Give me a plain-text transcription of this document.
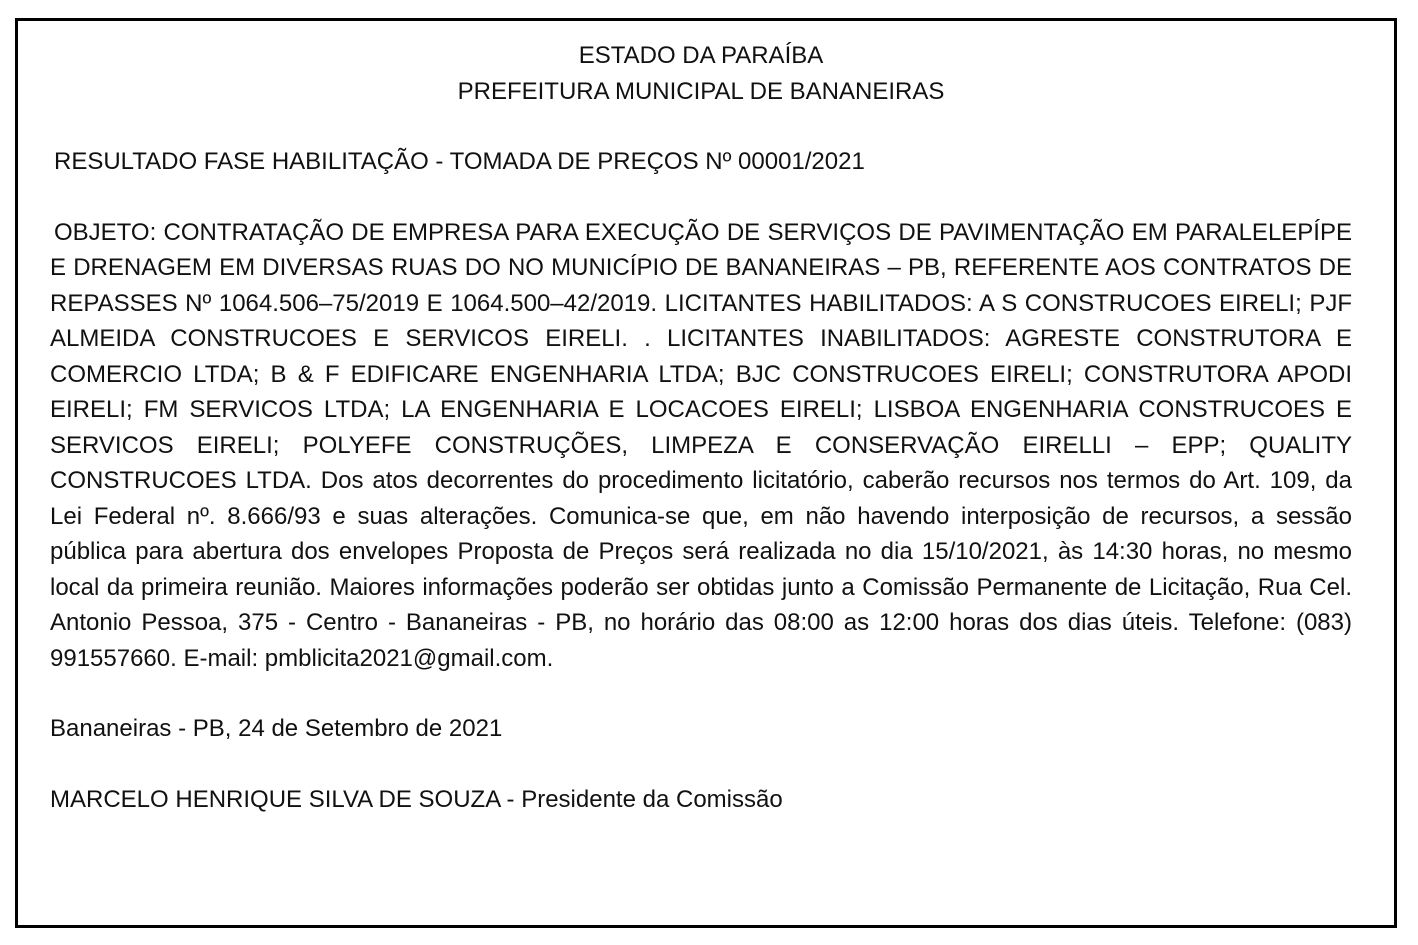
ESTADO DA PARAÍBA

PREFEITURA MUNICIPAL DE BANANEIRAS

RESULTADO FASE HABILITAÇÃO - TOMADA DE PREÇOS Nº 00001/2021

OBJETO: CONTRATAÇÃO DE EMPRESA PARA EXECUÇÃO DE SERVIÇOS DE PAVIMENTAÇÃO EM PARALELEPÍPE E DRENAGEM EM DIVERSAS RUAS DO NO MUNICÍPIO DE BANANEIRAS – PB, REFERENTE AOS CONTRATOS DE REPASSES Nº 1064.506–75/2019 E 1064.500–42/2019. LICITANTES HABILITADOS: A S CONSTRUCOES EIRELI; PJF ALMEIDA CONSTRUCOES E SERVICOS EIRELI. . LICITANTES INABILITADOS: AGRESTE CONSTRUTORA E COMERCIO LTDA; B & F EDIFICARE ENGENHARIA LTDA; BJC CONSTRUCOES EIRELI; CONSTRUTORA APODI EIRELI; FM SERVICOS LTDA; LA ENGENHARIA E LOCACOES EIRELI; LISBOA ENGENHARIA CONSTRUCOES E SERVICOS EIRELI; POLYEFE CONSTRUÇÕES, LIMPEZA E CONSERVAÇÃO EIRELLI – EPP; QUALITY CONSTRUCOES LTDA. Dos atos decorrentes do procedimento licitatório, caberão recursos nos termos do Art. 109, da Lei Federal nº. 8.666/93 e suas alterações. Comunica-se que, em não havendo interposição de recursos, a sessão pública para abertura dos envelopes Proposta de Preços será realizada no dia 15/10/2021, às 14:30 horas, no mesmo local da primeira reunião. Maiores informações poderão ser obtidas junto a Comissão Permanente de Licitação, Rua Cel. Antonio Pessoa, 375 - Centro - Bananeiras - PB, no horário das 08:00 as 12:00 horas dos dias úteis. Telefone: (083) 991557660. E-mail: pmblicita2021@gmail.com.

Bananeiras - PB, 24 de Setembro de 2021

MARCELO HENRIQUE SILVA DE SOUZA - Presidente da Comissão
